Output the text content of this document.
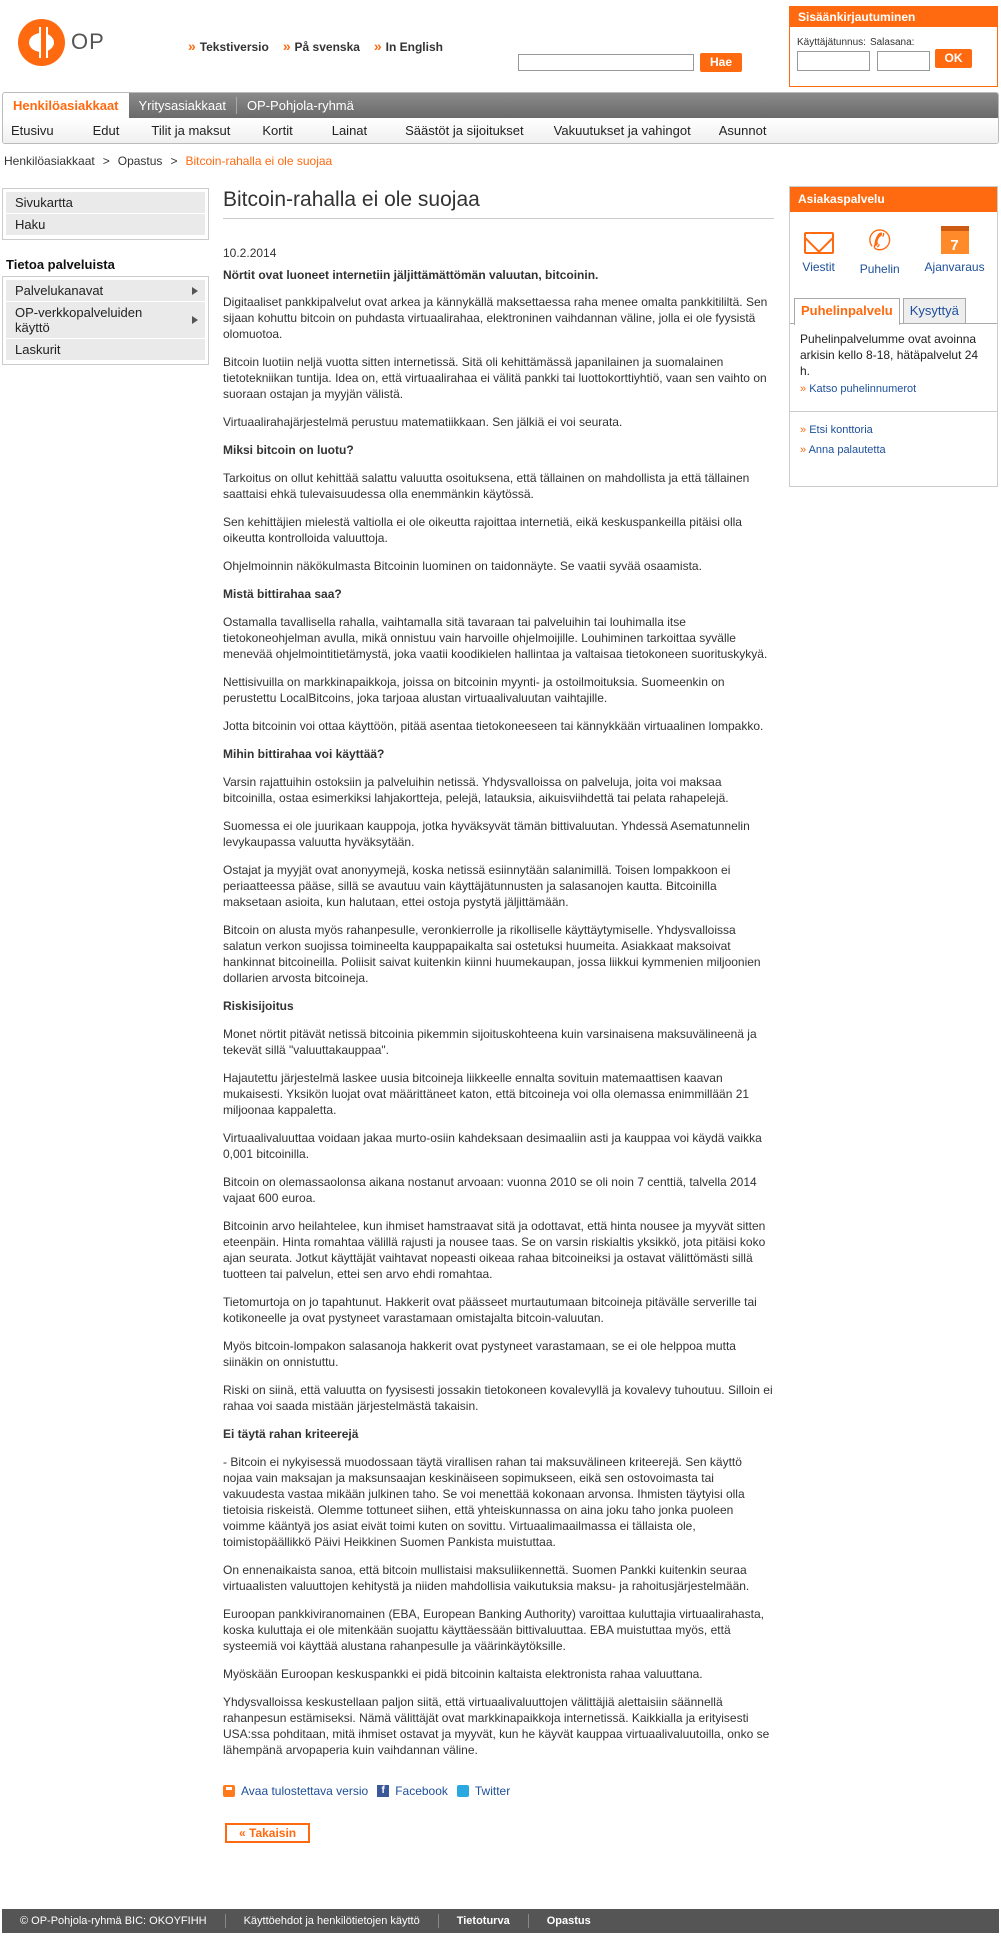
OP	» Tekstiversio	» På svenska	» In English
Hae
Sisäänkirjautuminen
Käyttäjätunnus: Salasana:
OK
Henkilöasiakkaat	Yritysasiakkaat	OP-Pohjola-ryhmä
Etusivu	Edut Tilit ja maksut Kortit	Lainat	Säästöt ja sijoitukset Vakuutukset ja vahingot Asunnot
Henkilöasiakkaat > Opastus > Bitcoin-rahalla ei ole suojaa
Sivukartta
Haku
Tietoa palveluista
Palvelukanavat
OP-verkkopalveluiden käyttö
Laskurit
Bitcoin-rahalla ei ole suojaa
10.2.2014
Nörtit ovat luoneet internetiin jäljittämättömän valuutan, bitcoinin.
Digitaaliset pankkipalvelut ovat arkea ja kännykällä maksettaessa raha menee omalta pankkitililtä. Sen sijaan kohuttu bitcoin on puhdasta virtuaalirahaa, elektroninen vaihdannan väline, jolla ei ole fyysistä olomuotoa.
Bitcoin luotiin neljä vuotta sitten internetissä. Sitä oli kehittämässä japanilainen ja suomalainen tietotekniikan tuntija. Idea on, että virtuaalirahaa ei välitä pankki tai luottokorttiyhtiö, vaan sen vaihto on suoraan ostajan ja myyjän välistä.
Virtuaalirahajärjestelmä perustuu matematiikkaan. Sen jälkiä ei voi seurata.
Miksi bitcoin on luotu?
Tarkoitus on ollut kehittää salattu valuutta osoituksena, että tällainen on mahdollista ja että tällainen saattaisi ehkä tulevaisuudessa olla enemmänkin käytössä.
Sen kehittäjien mielestä valtiolla ei ole oikeutta rajoittaa internetiä, eikä keskuspankeilla pitäisi olla oikeutta kontrolloida valuuttoja.
Ohjelmoinnin näkökulmasta Bitcoinin luominen on taidonnäyte. Se vaatii syvää osaamista.
Mistä bittirahaa saa?
Ostamalla tavallisella rahalla, vaihtamalla sitä tavaraan tai palveluihin tai louhimalla itse tietokoneohjelman avulla, mikä onnistuu vain harvoille ohjelmoijille. Louhiminen tarkoittaa syvälle menevää ohjelmointitietämystä, joka vaatii koodikielen hallintaa ja valtaisaa tietokoneen suorituskykyä.
Nettisivuilla on markkinapaikkoja, joissa on bitcoinin myynti- ja ostoilmoituksia. Suomeenkin on perustettu LocalBitcoins, joka tarjoaa alustan virtuaalivaluutan vaihtajille.
Jotta bitcoinin voi ottaa käyttöön, pitää asentaa tietokoneeseen tai kännykkään virtuaalinen lompakko.
Mihin bittirahaa voi käyttää?
Varsin rajattuihin ostoksiin ja palveluihin netissä. Yhdysvalloissa on palveluja, joita voi maksaa bitcoinilla, ostaa esimerkiksi lahjakortteja, pelejä, latauksia, aikuisviihdettä tai pelata rahapelejä.
Suomessa ei ole juurikaan kauppoja, jotka hyväksyvät tämän bittivaluutan. Yhdessä Asematunnelin levykaupassa valuutta hyväksytään.
Ostajat ja myyjät ovat anonyymejä, koska netissä esiinnytään salanimillä. Toisen lompakkoon ei periaatteessa pääse, sillä se avautuu vain käyttäjätunnusten ja salasanojen kautta. Bitcoinilla maksetaan asioita, kun halutaan, ettei ostoja pystytä jäljittämään.
Bitcoin on alusta myös rahanpesulle, veronkierrolle ja rikolliselle käyttäytymiselle. Yhdysvalloissa salatun verkon suojissa toimineelta kauppapaikalta sai ostetuksi huumeita. Asiakkaat maksoivat hankinnat bitcoineilla. Poliisit saivat kuitenkin kiinni huumekaupan, jossa liikkui kymmenien miljoonien dollarien arvosta bitcoineja.
Riskisijoitus
Monet nörtit pitävät netissä bitcoinia pikemmin sijoituskohteena kuin varsinaisena maksuvälineenä ja tekevät sillä "valuuttakauppaa".
Hajautettu järjestelmä laskee uusia bitcoineja liikkeelle ennalta sovituin matemaattisen kaavan mukaisesti. Yksikön luojat ovat määrittäneet katon, että bitcoineja voi olla olemassa enimmillään 21 miljoonaa kappaletta.
Virtuaalivaluuttaa voidaan jakaa murto-osiin kahdeksaan desimaaliin asti ja kauppaa voi käydä vaikka 0,001 bitcoinilla.
Bitcoin on olemassaolonsa aikana nostanut arvoaan: vuonna 2010 se oli noin 7 centtiä, talvella 2014 vajaat 600 euroa.
Bitcoinin arvo heilahtelee, kun ihmiset hamstraavat sitä ja odottavat, että hinta nousee ja myyvät sitten eteenpäin. Hinta romahtaa välillä rajusti ja nousee taas. Se on varsin riskialtis yksikkö, jota pitäisi koko ajan seurata. Jotkut käyttäjät vaihtavat nopeasti oikeaa rahaa bitcoineiksi ja ostavat välittömästi sillä tuotteen tai palvelun, ettei sen arvo ehdi romahtaa.
Tietomurtoja on jo tapahtunut. Hakkerit ovat päässeet murtautumaan bitcoineja pitävälle serverille tai kotikoneelle ja ovat pystyneet varastamaan omistajalta bitcoin-valuutan.
Myös bitcoin-lompakon salasanoja hakkerit ovat pystyneet varastamaan, se ei ole helppoa mutta siinäkin on onnistuttu.
Riski on siinä, että valuutta on fyysisesti jossakin tietokoneen kovalevyllä ja kovalevy tuhoutuu. Silloin ei rahaa voi saada mistään järjestelmästä takaisin.
Ei täytä rahan kriteerejä
- Bitcoin ei nykyisessä muodossaan täytä virallisen rahan tai maksuvälineen kriteerejä. Sen käyttö nojaa vain maksajan ja maksunsaajan keskinäiseen sopimukseen, eikä sen ostovoimasta tai vakuudesta vastaa mikään julkinen taho. Se voi menettää kokonaan arvonsa. Ihmisten täytyisi olla tietoisia riskeistä. Olemme tottuneet siihen, että yhteiskunnassa on aina joku taho jonka puoleen voimme kääntyä jos asiat eivät toimi kuten on sovittu. Virtuaalimaailmassa ei tällaista ole, toimistopäällikkö Päivi Heikkinen Suomen Pankista muistuttaa.
On ennenaikaista sanoa, että bitcoin mullistaisi maksuliikennettä. Suomen Pankki kuitenkin seuraa virtuaalisten valuuttojen kehitystä ja niiden mahdollisia vaikutuksia maksu- ja rahoitusjärjestelmään.
Euroopan pankkiviranomainen (EBA, European Banking Authority) varoittaa kuluttajia virtuaalirahasta, koska kuluttaja ei ole mitenkään suojattu käyttäessään bittivaluuttaa. EBA muistuttaa myös, että systeemiä voi käyttää alustana rahanpesulle ja väärinkäytöksille.
Myöskään Euroopan keskuspankki ei pidä bitcoinin kaltaista elektronista rahaa valuuttana.
Yhdysvalloissa keskustellaan paljon siitä, että virtuaalivaluuttojen välittäjiä alettaisiin säännellä rahanpesun estämiseksi. Nämä välittäjät ovat markkinapaikkoja internetissä. Kaikkialla ja erityisesti USA:ssa pohditaan, mitä ihmiset ostavat ja myyvät, kun he käyvät kauppaa virtuaalivaluutoilla, onko se lähempänä arvopaperia kuin vaihdannan väline.
Avaa tulostettava versio	f Facebook Twitter
« Takaisin
Asiakaspalvelu
Viestit
✆
Puhelin
7
Ajanvaraus
Puhelinpalvelu	Kysyttyä
Puhelinpalvelumme ovat avoinna arkisin kello 8-18, hätäpalvelut 24 h.
» Katso puhelinnumerot
» Etsi konttoria
» Anna palautetta
© OP-Pohjola-ryhmä BIC: OKOYFIHH	Käyttöehdot ja henkilötietojen käyttö	Tietoturva	Opastus
